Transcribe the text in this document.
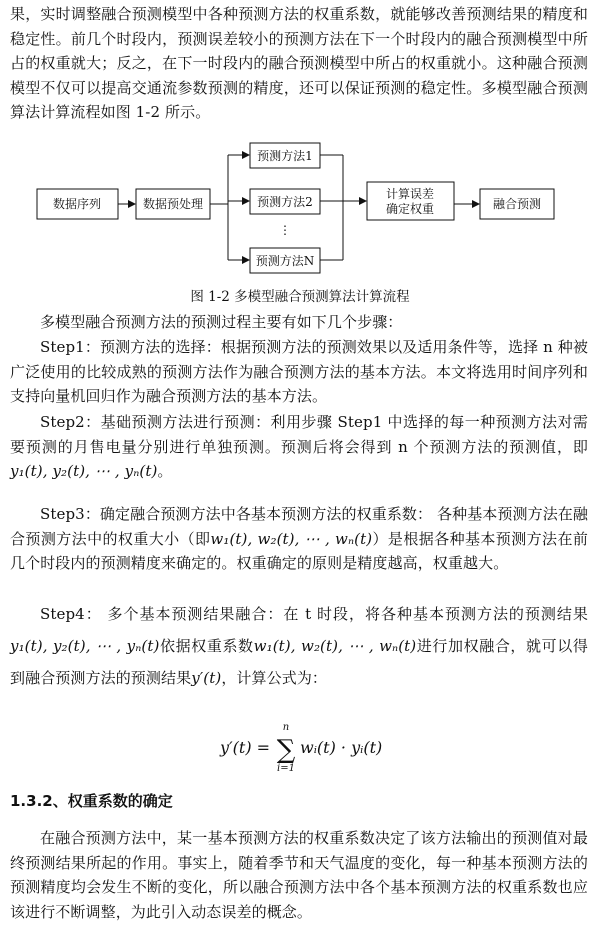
果，实时调整融合预测模型中各种预测方法的权重系数，就能够改善预测结果的精度和稳定性。前几个时段内，预测误差较小的预测方法在下一个时段内的融合预测模型中所占的权重就大；反之，在下一时段内的融合预测模型中所占的权重就小。这种融合预测模型不仅可以提高交通流参数预测的精度，还可以保证预测的稳定性。多模型融合预测算法计算流程如图 1-2 所示。

数据序列	数据预处理
预测方法1
预测方法2
⋮
预测方法N
计算误差
确定权重	融合预测

图 1-2 多模型融合预测算法计算流程

多模型融合预测方法的预测过程主要有如下几个步骤：

Step1：预测方法的选择：根据预测方法的预测效果以及适用条件等，选择 n 种被广泛使用的比较成熟的预测方法作为融合预测方法的基本方法。本文将选用时间序列和支持向量机回归作为融合预测方法的基本方法。

Step2：基础预测方法进行预测：利用步骤 Step1 中选择的每一种预测方法对需要预测的月售电量分别进行单独预测。预测后将会得到 n 个预测方法的预测值，即y₁(t), y₂(t), ⋯ , yₙ(t)。

Step3：确定融合预测方法中各基本预测方法的权重系数： 各种基本预测方法在融合预测方法中的权重大小（即w₁(t), w₂(t), ⋯ , wₙ(t)）是根据各种基本预测方法在前几个时段内的预测精度来确定的。权重确定的原则是精度越高，权重越大。

Step4： 多个基本预测结果融合：在 t 时段，将各种基本预测方法的预测结果y₁(t), y₂(t), ⋯ , yₙ(t)依据权重系数w₁(t), w₂(t), ⋯ , wₙ(t)进行加权融合，就可以得到融合预测方法的预测结果y′(t)，计算公式为：

y′(t) =
n
∑
i=1
wᵢ(t) · yᵢ(t)

1.3.2、权重系数的确定

在融合预测方法中，某一基本预测方法的权重系数决定了该方法输出的预测值对最终预测结果所起的作用。事实上，随着季节和天气温度的变化，每一种基本预测方法的预测精度均会发生不断的变化，所以融合预测方法中各个基本预测方法的权重系数也应该进行不断调整，为此引入动态误差的概念。
